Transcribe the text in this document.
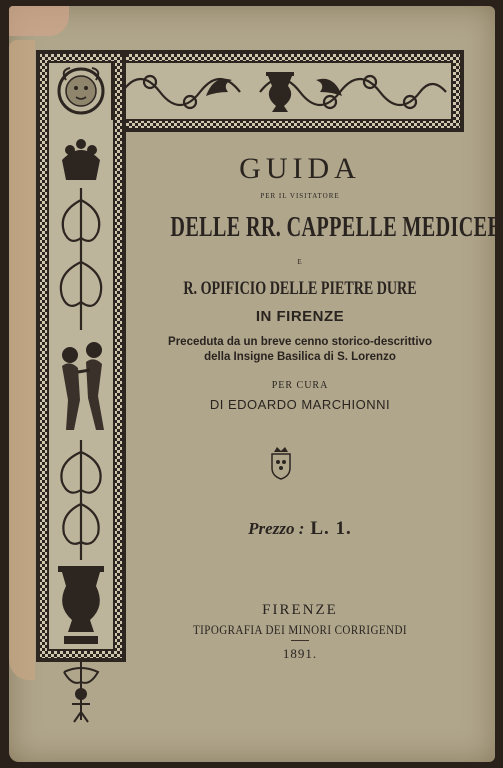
GUIDA
PER IL VISITATORE
DELLE RR. CAPPELLE MEDICEE
E
R. OPIFICIO DELLE PIETRE DURE
IN FIRENZE
Preceduta da un breve cenno storico-descrittivo
della Insigne Basilica di S. Lorenzo
PER CURA
DI EDOARDO MARCHIONNI
Prezzo : L. 1.
FIRENZE
TIPOGRAFIA DEI MINORI CORRIGENDI
1891.
